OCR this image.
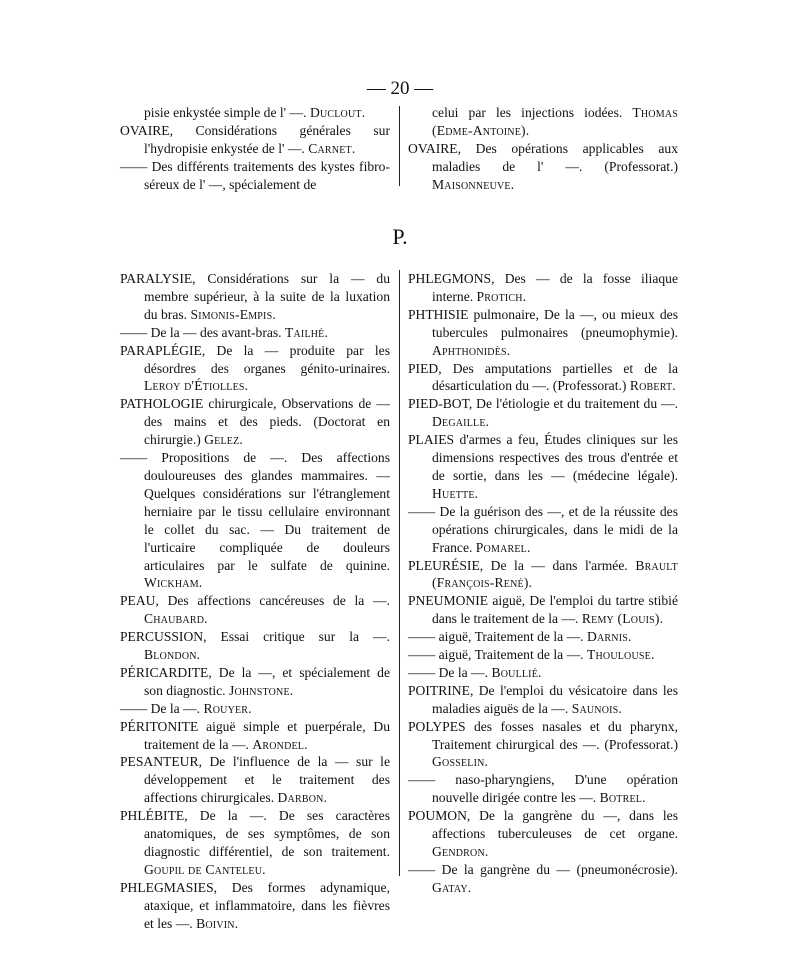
— 20 —

pisie enkystée simple de l' —. Duclout.

OVAIRE, Considérations générales sur l'hydropisie enkystée de l' —. Carnet.

—— Des différents traitements des kystes fibro-séreux de l' —, spécialement de

celui par les injections iodées. Thomas (Edme-Antoine).

OVAIRE, Des opérations applicables aux maladies de l' —. (Professorat.) Maisonneuve.

P.

PARALYSIE, Considérations sur la — du membre supérieur, à la suite de la luxation du bras. Simonis-Empis.

—— De la — des avant-bras. Tailhé.

PARAPLÉGIE, De la — produite par les désordres des organes génito-urinaires. Leroy d'Étiolles.

PATHOLOGIE chirurgicale, Observations de — des mains et des pieds. (Doctorat en chirurgie.) Gelez.

—— Propositions de —. Des affections douloureuses des glandes mammaires. — Quelques considérations sur l'étranglement herniaire par le tissu cellulaire environnant le collet du sac. — Du traitement de l'urticaire compliquée de douleurs articulaires par le sulfate de quinine. Wickham.

PEAU, Des affections cancéreuses de la —. Chaubard.

PERCUSSION, Essai critique sur la —. Blondon.

PÉRICARDITE, De la —, et spécialement de son diagnostic. Johnstone.

—— De la —. Rouyer.

PÉRITONITE aiguë simple et puerpérale, Du traitement de la —. Arondel.

PESANTEUR, De l'influence de la — sur le développement et le traitement des affections chirurgicales. Darbon.

PHLÉBITE, De la —. De ses caractères anatomiques, de ses symptômes, de son diagnostic différentiel, de son traitement. Goupil de Canteleu.

PHLEGMASIES, Des formes adynamique, ataxique, et inflammatoire, dans les fièvres et les —. Boivin.

PHLEGMONS, Des — de la fosse iliaque interne. Protich.

PHTHISIE pulmonaire, De la —, ou mieux des tubercules pulmonaires (pneumophymie). Aphthonidès.

PIED, Des amputations partielles et de la désarticulation du —. (Professorat.) Robert.

PIED-BOT, De l'étiologie et du traitement du —. Degaille.

PLAIES d'armes a feu, Études cliniques sur les dimensions respectives des trous d'entrée et de sortie, dans les — (médecine légale). Huette.

—— De la guérison des —, et de la réussite des opérations chirurgicales, dans le midi de la France. Pomarel.

PLEURÉSIE, De la — dans l'armée. Brault (François-René).

PNEUMONIE aiguë, De l'emploi du tartre stibié dans le traitement de la —. Remy (Louis).

—— aiguë, Traitement de la —. Darnis.

—— aiguë, Traitement de la —. Thoulouse.

—— De la —. Boullié.

POITRINE, De l'emploi du vésicatoire dans les maladies aiguës de la —. Saunois.

POLYPES des fosses nasales et du pharynx, Traitement chirurgical des —. (Professorat.) Gosselin.

—— naso-pharyngiens, D'une opération nouvelle dirigée contre les —. Botrel.

POUMON, De la gangrène du —, dans les affections tuberculeuses de cet organe. Gendron.

—— De la gangrène du — (pneumonécrosie). Gatay.
